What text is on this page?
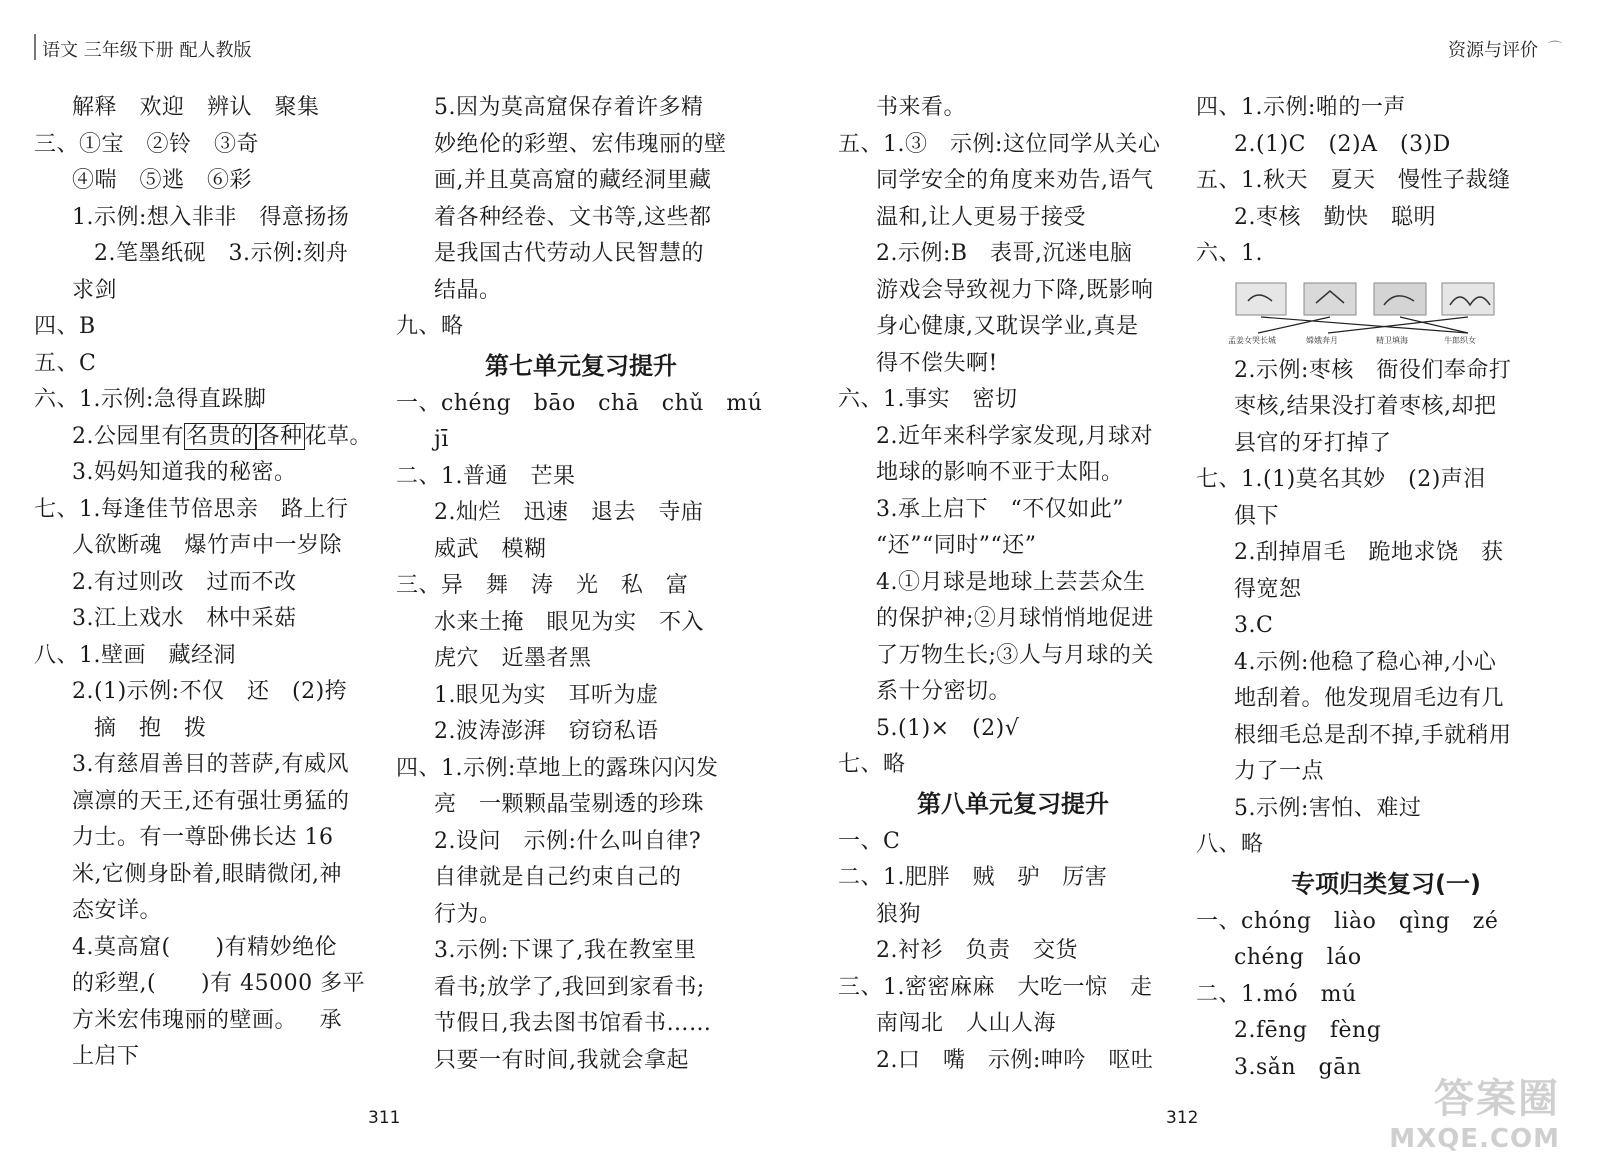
语文 三年级下册 配人教版	资源与评价 ⌒
解释   欢迎   辨认   聚集
三、①宝   ②铃   ③奇
④喘   ⑤逃   ⑥彩
1.示例:想入非非   得意扬扬
2.笔墨纸砚   3.示例:刻舟
求剑
四、B
五、C
六、1.示例:急得直跺脚
2.公园里有名贵的 各种花草。
3.妈妈知道我的秘密。
七、1.每逢佳节倍思亲   路上行
人欲断魂   爆竹声中一岁除
2.有过则改   过而不改
3.江上戏水   林中采菇
八、1.壁画   藏经洞
2.(1)示例:不仅   还   (2)挎
摘   抱   拨
3.有慈眉善目的菩萨,有威风
凛凛的天王,还有强壮勇猛的
力士。有一尊卧佛长达 16
米,它侧身卧着,眼睛微闭,神
态安详。
4.莫高窟(      )有精妙绝伦
的彩塑,(      )有 45000 多平
方米宏伟瑰丽的壁画。   承
上启下
5.因为莫高窟保存着许多精
妙绝伦的彩塑、宏伟瑰丽的壁
画,并且莫高窟的藏经洞里藏
着各种经卷、文书等,这些都
是我国古代劳动人民智慧的
结晶。
九、略
第七单元复习提升
一、chéng   bāo   chā   chǔ   mú
jī
二、1.普通   芒果
2.灿烂   迅速   退去   寺庙
威武   模糊
三、异   舞   涛   光   私   富
水来土掩   眼见为实   不入
虎穴   近墨者黑
1.眼见为实   耳听为虚
2.波涛澎湃   窃窃私语
四、1.示例:草地上的露珠闪闪发
亮   一颗颗晶莹剔透的珍珠
2.设问   示例:什么叫自律?
自律就是自己约束自己的
行为。
3.示例:下课了,我在教室里
看书;放学了,我回到家看书;
节假日,我去图书馆看书……
只要一有时间,我就会拿起
书来看。
五、1.③   示例:这位同学从关心
同学安全的角度来劝告,语气
温和,让人更易于接受
2.示例:B   表哥,沉迷电脑
游戏会导致视力下降,既影响
身心健康,又耽误学业,真是
得不偿失啊!
六、1.事实   密切
2.近年来科学家发现,月球对
地球的影响不亚于太阳。
3.承上启下   “不仅如此”
“还”“同时”“还”
4.①月球是地球上芸芸众生
的保护神;②月球悄悄地促进
了万物生长;③人与月球的关
系十分密切。
5.(1)×   (2)√
七、略
第八单元复习提升
一、C
二、1.肥胖   贼   驴   厉害
狼狗
2.衬衫   负责   交货
三、1.密密麻麻   大吃一惊   走
南闯北   人山人海
2.口   嘴   示例:呻吟   呕吐
四、1.示例:啪的一声
2.(1)C   (2)A   (3)D
五、1.秋天   夏天   慢性子裁缝
2.枣核   勤快   聪明
六、1.
孟姜女哭长城	嫦娥奔月	精卫填海	牛郎织女
2.示例:枣核   衙役们奉命打
枣核,结果没打着枣核,却把
县官的牙打掉了
七、1.(1)莫名其妙   (2)声泪
俱下
2.刮掉眉毛   跪地求饶   获
得宽恕
3.C
4.示例:他稳了稳心神,小心
地刮着。他发现眉毛边有几
根细毛总是刮不掉,手就稍用
力了一点
5.示例:害怕、难过
八、略
专项归类复习(一)
一、chóng   liào   qìng   zé
chéng   láo
二、1.mó   mú
2.fēng   fèng
3.sǎn   gān
311	312	答案圈
MXQE.COM
